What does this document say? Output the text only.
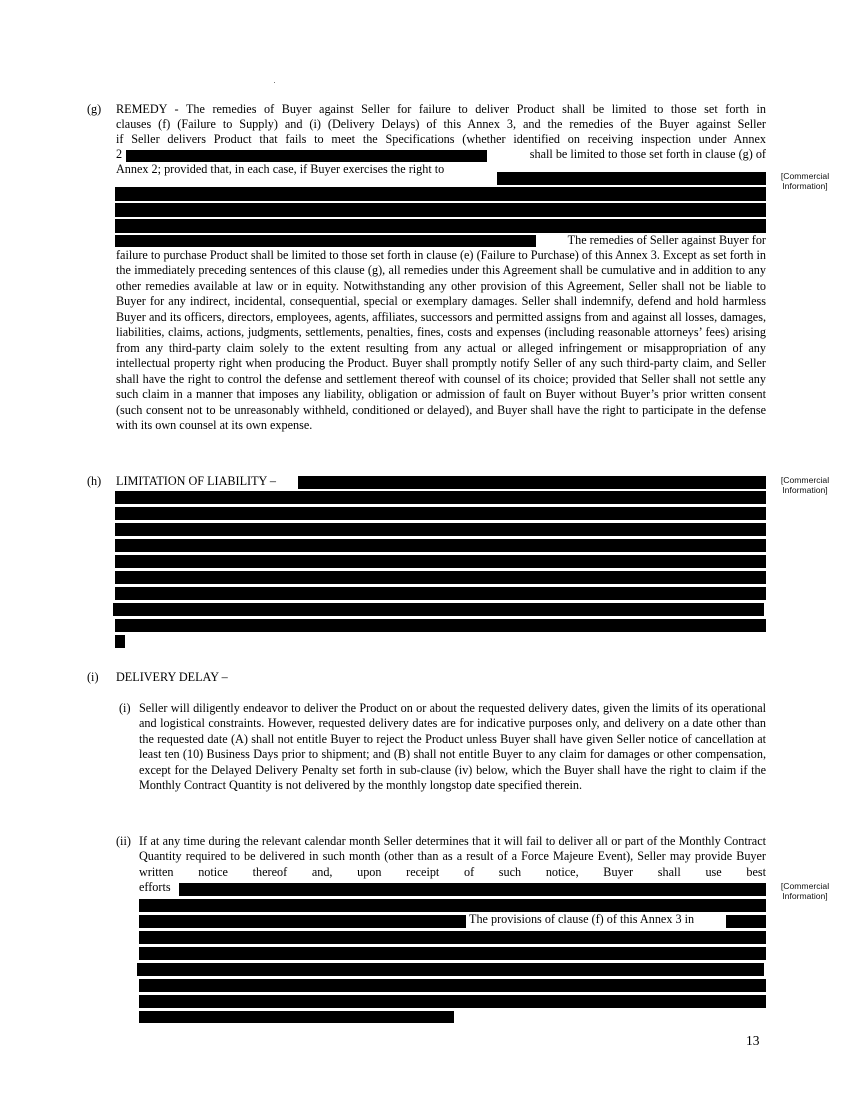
(g) REMEDY - The remedies of Buyer against Seller for failure to deliver Product shall be limited to those set forth in
clauses (f) (Failure to Supply) and (i) (Delivery Delays) of this Annex 3, and the remedies of the Buyer against Seller
if Seller delivers Product that fails to meet the Specifications (whether identified on receiving inspection under Annex
2	shall be limited to those set forth in clause (g) of
Annex 2; provided that, in each case, if Buyer exercises the right to
The remedies of Seller against Buyer for
[Commercial
Information]
failure to purchase Product shall be limited to those set forth in clause (e) (Failure to Purchase) of this Annex 3. Except as set forth in the immediately preceding sentences of this clause (g), all remedies under this Agreement shall be cumulative and in addition to any other remedies available at law or in equity. Notwithstanding any other provision of this Agreement, Seller shall not be liable to Buyer for any indirect, incidental, consequential, special or exemplary damages. Seller shall indemnify, defend and hold harmless Buyer and its officers, directors, employees, agents, affiliates, successors and permitted assigns from and against all losses, damages, liabilities, claims, actions, judgments, settlements, penalties, fines, costs and expenses (including reasonable attorneys’ fees) arising from any third-party claim solely to the extent resulting from any actual or alleged infringement or misappropriation of any intellectual property right when producing the Product. Buyer shall promptly notify Seller of any such third-party claim, and Seller shall have the right to control the defense and settlement thereof with counsel of its choice; provided that Seller shall not settle any such claim in a manner that imposes any liability, obligation or admission of fault on Buyer without Buyer’s prior written consent (such consent not to be unreasonably withheld, conditioned or delayed), and Buyer shall have the right to participate in the defense with its own counsel at its own expense.
(h) LIMITATION OF LIABILITY –	[Commercial
Information]
(i) DELIVERY DELAY –
(i) Seller will diligently endeavor to deliver the Product on or about the requested delivery dates, given the limits of its operational and logistical constraints. However, requested delivery dates are for indicative purposes only, and delivery on a date other than the requested date (A) shall not entitle Buyer to reject the Product unless Buyer shall have given Seller notice of cancellation at least ten (10) Business Days prior to shipment; and (B) shall not entitle Buyer to any claim for damages or other compensation, except for the Delayed Delivery Penalty set forth in sub-clause (iv) below, which the Buyer shall have the right to claim if the Monthly Contract Quantity is not delivered by the monthly longstop date specified therein.
(ii) If at any time during the relevant calendar month Seller determines that it will fail to deliver all or part of the Monthly Contract Quantity required to be delivered in such month (other than as a result of a Force Majeure Event), Seller may provide Buyer written notice thereof and, upon receipt of such notice, Buyer shall use best
efforts
The provisions of clause (f) of this Annex 3 in
[Commercial
Information]
13
